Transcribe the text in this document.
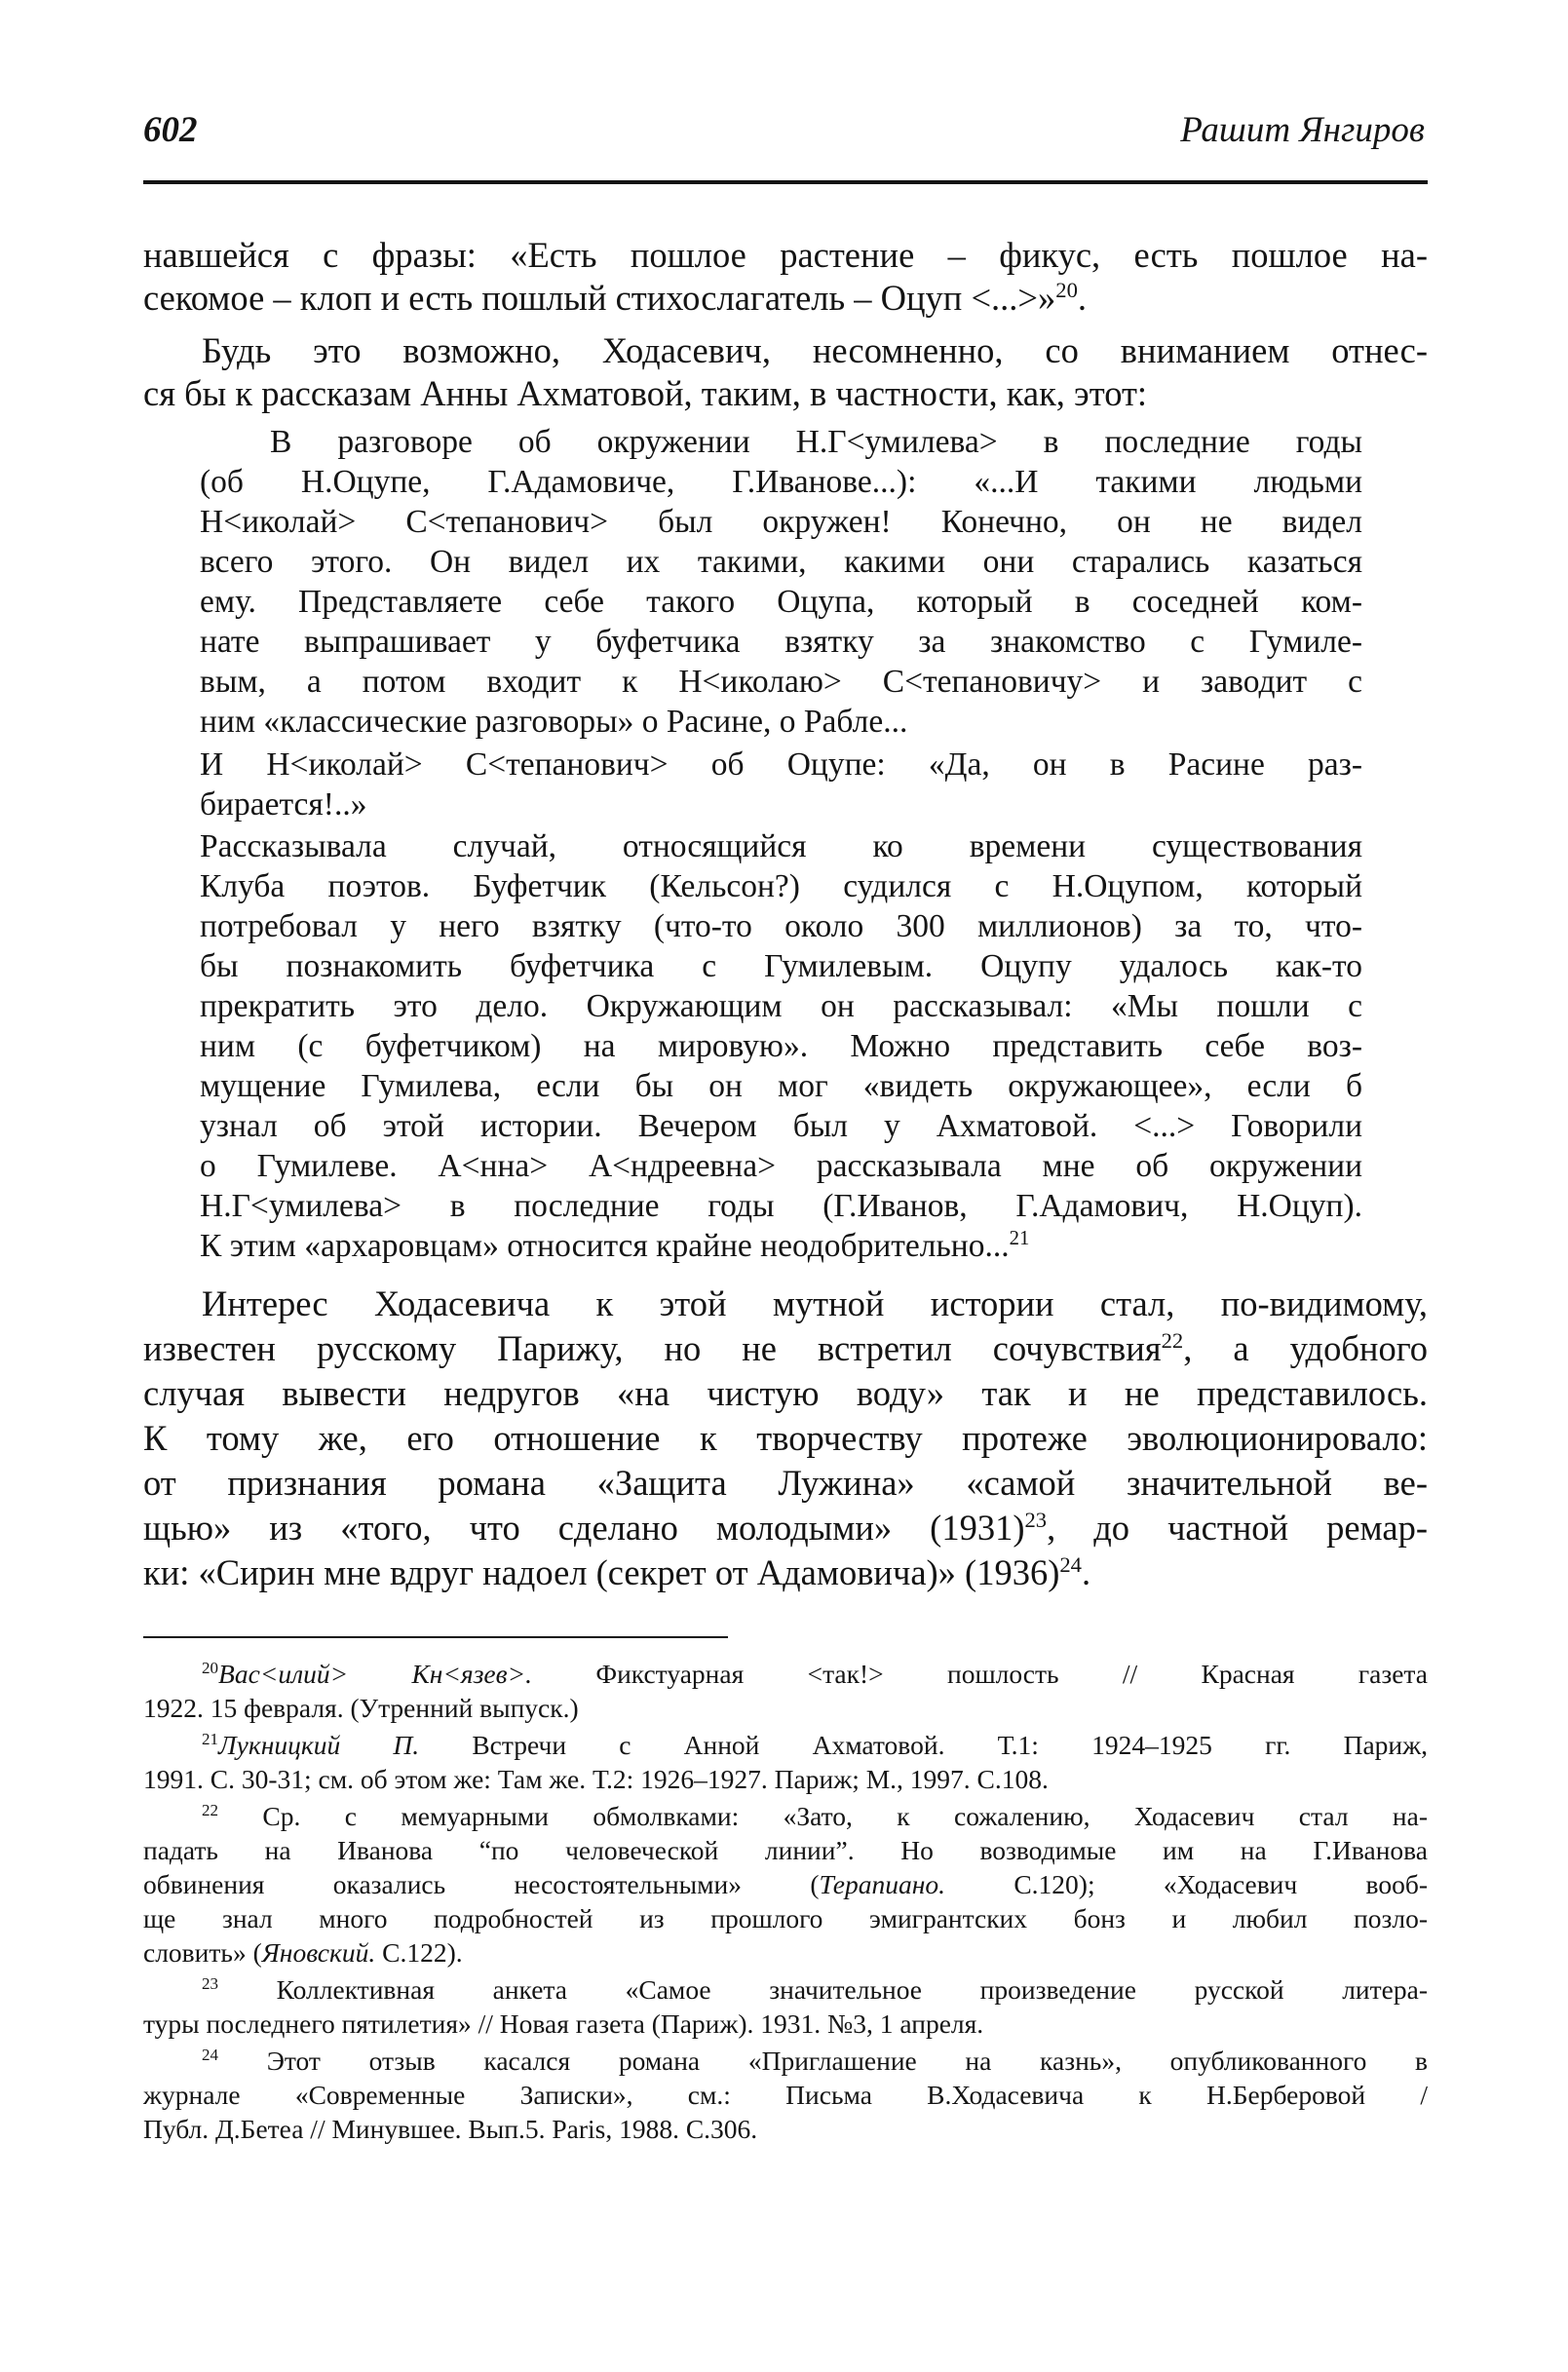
602	Рашит Янгиров
навшейся с фразы: «Есть пошлое растение – фикус, есть пошлое на-
секомое – клоп и есть пошлый стихослагатель – Оцуп <...>»$^{20}$.
Будь это возможно, Ходасевич, несомненно, со вниманием отнес-
ся бы к рассказам Анны Ахматовой, таким, в частности, как, этот:
В разговоре об окружении Н.Г<умилева> в последние годы
(об Н.Оцупе, Г.Адамовиче, Г.Иванове...): «...И такими людьми
Н<иколай> С<тепанович> был окружен! Конечно, он не видел
всего этого. Он видел их такими, какими они старались казаться
ему. Представляете себе такого Оцупа, который в соседней ком-
нате выпрашивает у буфетчика взятку за знакомство с Гумиле-
вым, а потом входит к Н<иколаю> С<тепановичу> и заводит с
ним «классические разговоры» о Расине, о Рабле...
И Н<иколай> С<тепанович> об Оцупе: «Да, он в Расине раз-
бирается!..»
Рассказывала случай, относящийся ко времени существования
Клуба поэтов. Буфетчик (Кельсон?) судился с Н.Оцупом, который
потребовал у него взятку (что-то около 300 миллионов) за то, что-
бы познакомить буфетчика с Гумилевым. Оцупу удалось как-то
прекратить это дело. Окружающим он рассказывал: «Мы пошли с
ним (с буфетчиком) на мировую». Можно представить себе воз-
мущение Гумилева, если бы он мог «видеть окружающее», если б
узнал об этой истории. Вечером был у Ахматовой. <...> Говорили
о Гумилеве. А<нна> А<ндреевна> рассказывала мне об окружении
Н.Г<умилева> в последние годы (Г.Иванов, Г.Адамович, Н.Оцуп).
К этим «архаровцам» относится крайне неодобрительно...$^{21}$
Интерес Ходасевича к этой мутной истории стал, по-видимому,
известен русскому Парижу, но не встретил сочувствия$^{22}$, а удобного
случая вывести недругов «на чистую воду» так и не представилось.
К тому же, его отношение к творчеству протеже эволюционировало:
от признания романа «Защита Лужина» «самой значительной ве-
щью» из «того, что сделано молодыми» $(1931)^{23}$, до частной ремар-
ки: «Сирин мне вдруг надоел (секрет от Адамовича)» $(1936)^{24}$.
$^{20}$Вас<илий> Кн<язев>. Фикстуарная <так!> пошлость // Красная газета
1922. 15 февраля. (Утренний выпуск.)
$^{21}$Лукницкий П. Встречи с Анной Ахматовой. Т.1: 1924–1925 гг. Париж,
1991. С. 30-31; см. об этом же: Там же. Т.2: 1926–1927. Париж; М., 1997. С.108.
$^{22}$ Ср. с мемуарными обмолвками: «Зато, к сожалению, Ходасевич стал на-
падать на Иванова “по человеческой линии”. Но возводимые им на Г.Иванова
обвинения оказались несостоятельными» (Терапиано. С.120); «Ходасевич вооб-
ще знал много подробностей из прошлого эмигрантских бонз и любил позло-
словить» (Яновский. С.122).
$^{23}$ Коллективная анкета «Самое значительное произведение русской литера-
туры последнего пятилетия» // Новая газета (Париж). 1931. №3, 1 апреля.
$^{24}$ Этот отзыв касался романа «Приглашение на казнь», опубликованного в
журнале «Современные Записки», см.: Письма В.Ходасевича к Н.Берберовой /
Публ. Д.Бетеа // Минувшее. Вып.5. Paris, 1988. С.306.
